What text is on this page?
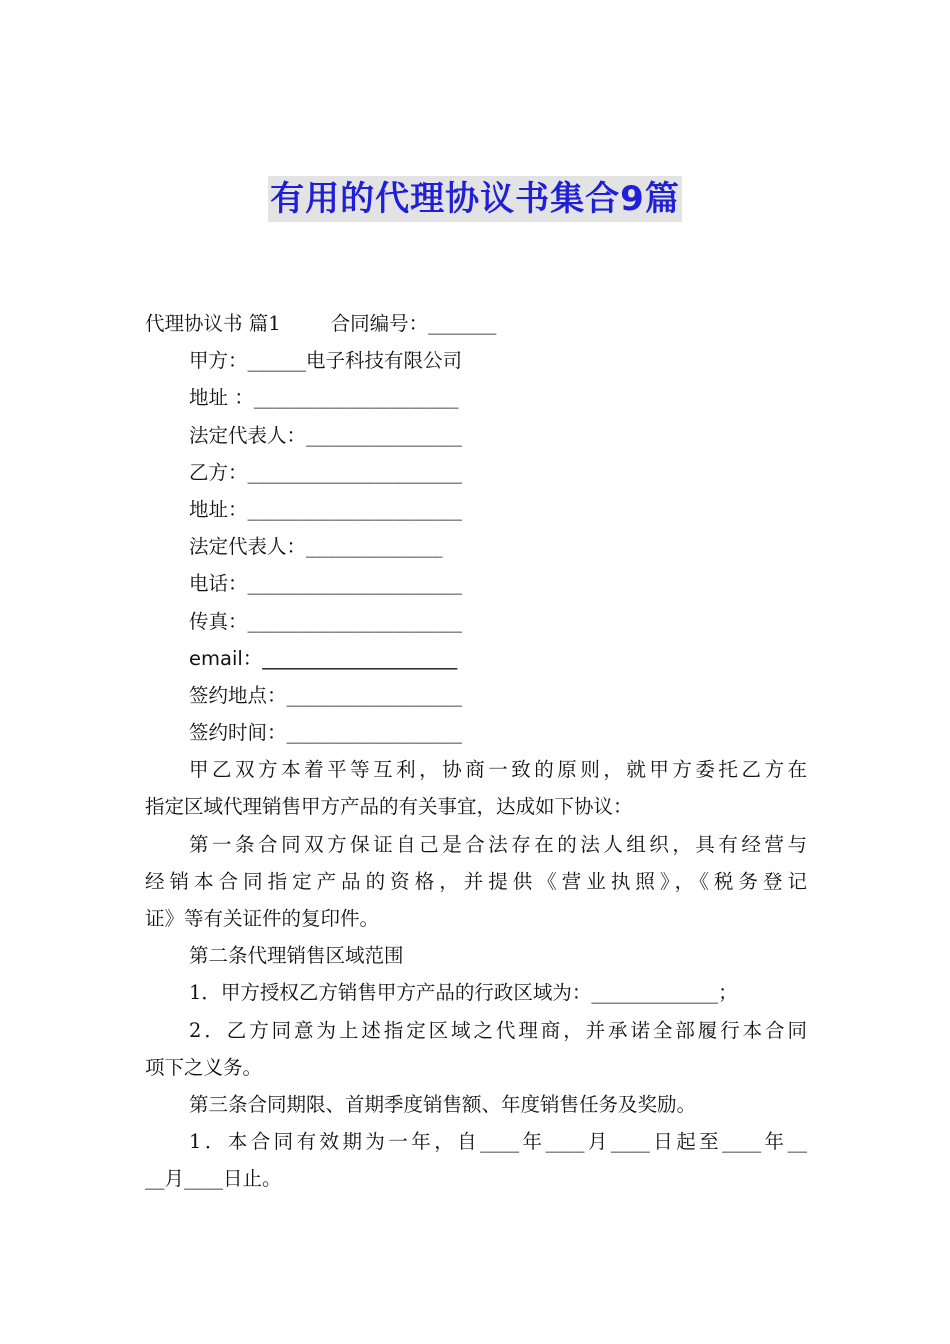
有用的代理协议书集合9篇
代理协议书 篇1	合同编号：_______
甲方：______电子科技有限公司
地址 ：_____________________
法定代表人：________________
乙方：______________________
地址：______________________
法定代表人：______________
电话：______________________
传真：______________________
email：____________________
签约地点：__________________
签约时间：__________________
甲乙双方本着平等互利，协商一致的原则，就甲方委托乙方在
指定区域代理销售甲方产品的有关事宜，达成如下协议：
第一条合同双方保证自己是合法存在的法人组织，具有经营与
经销本合同指定产品的资格，并提供《营业执照》，《税务登记
证》等有关证件的复印件。
第二条代理销售区域范围
1．甲方授权乙方销售甲方产品的行政区域为：_____________；
2．乙方同意为上述指定区域之代理商，并承诺全部履行本合同
项下之义务。
第三条合同期限、首期季度销售额、年度销售任务及奖励。
1．本合同有效期为一年，自____年____月____日起至____年__
__月____日止。
